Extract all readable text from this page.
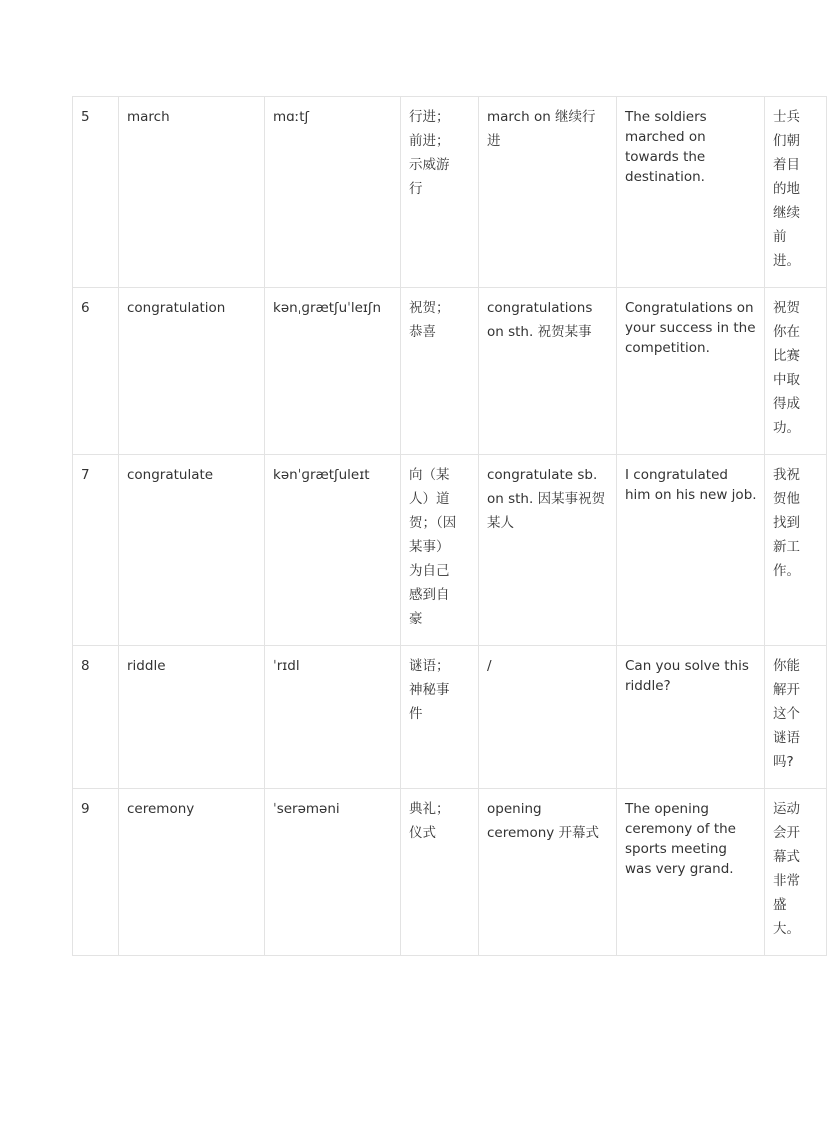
5	march	mɑːtʃ	行进；前进；示威游行	march on 继续行进	The soldiers marched on towards the destination.	士兵们朝着目的地继续前进。

6	congratulation	kənˌɡrætʃuˈleɪʃn	祝贺；恭喜	congratulations on sth. 祝贺某事	Congratulations on your success in the competition.	祝贺你在比赛中取得成功。

7	congratulate	kənˈɡrætʃuleɪt	向（某人）道贺；（因某事）为自己感到自豪	congratulate sb. on sth. 因某事祝贺某人	I congratulated him on his new job.	我祝贺他找到新工作。

8	riddle	ˈrɪdl	谜语；神秘事件	/	Can you solve this riddle?	你能解开这个谜语吗?

9	ceremony	ˈserəməni	典礼；仪式	opening ceremony 开幕式	The opening ceremony of the sports meeting was very grand.	运动会开幕式非常盛大。
